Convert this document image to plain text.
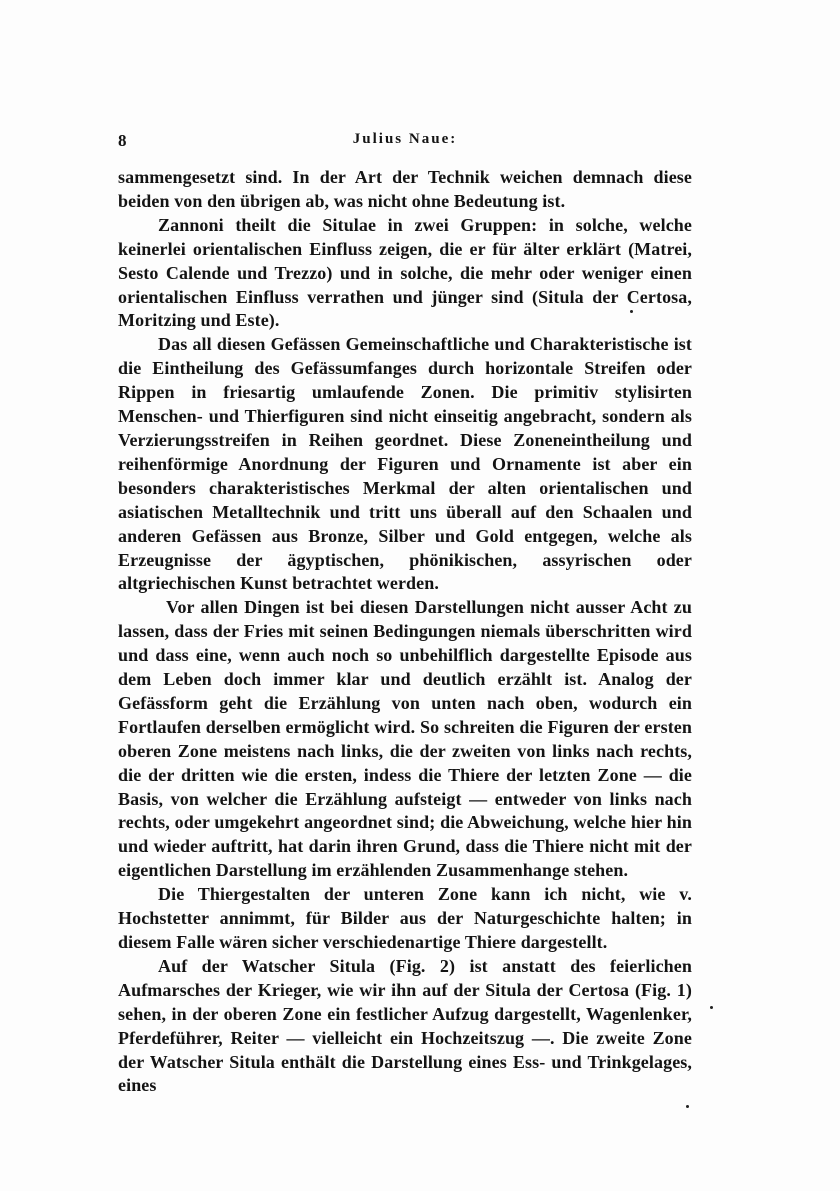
8	Julius Naue:

sammengesetzt sind. In der Art der Technik weichen demnach diese beiden von den übrigen ab, was nicht ohne Bedeutung ist.

Zannoni theilt die Situlae in zwei Gruppen: in solche, welche keinerlei orientalischen Einfluss zeigen, die er für älter erklärt (Matrei, Sesto Calende und Trezzo) und in solche, die mehr oder weniger einen orientalischen Einfluss verrathen und jünger sind (Situla der Certosa, Moritzing und Este).

Das all diesen Gefässen Gemeinschaftliche und Charakteristische ist die Eintheilung des Gefässumfanges durch horizontale Streifen oder Rippen in friesartig umlaufende Zonen. Die primitiv stylisirten Menschen- und Thierfiguren sind nicht einseitig angebracht, sondern als Verzierungsstreifen in Reihen geordnet. Diese Zoneneintheilung und reihenförmige Anordnung der Figuren und Ornamente ist aber ein besonders charakteristisches Merkmal der alten orientalischen und asiatischen Metalltechnik und tritt uns überall auf den Schaalen und anderen Gefässen aus Bronze, Silber und Gold entgegen, welche als Erzeugnisse der ägyptischen, phönikischen, assyrischen oder altgriechischen Kunst betrachtet werden.

Vor allen Dingen ist bei diesen Darstellungen nicht ausser Acht zu lassen, dass der Fries mit seinen Bedingungen niemals überschritten wird und dass eine, wenn auch noch so unbehilflich dargestellte Episode aus dem Leben doch immer klar und deutlich erzählt ist. Analog der Gefässform geht die Erzählung von unten nach oben, wodurch ein Fortlaufen derselben ermöglicht wird. So schreiten die Figuren der ersten oberen Zone meistens nach links, die der zweiten von links nach rechts, die der dritten wie die ersten, indess die Thiere der letzten Zone — die Basis, von welcher die Erzählung aufsteigt — entweder von links nach rechts, oder umgekehrt angeordnet sind; die Abweichung, welche hier hin und wieder auftritt, hat darin ihren Grund, dass die Thiere nicht mit der eigentlichen Darstellung im erzählenden Zusammenhange stehen.

Die Thiergestalten der unteren Zone kann ich nicht, wie v. Hochstetter annimmt, für Bilder aus der Naturgeschichte halten; in diesem Falle wären sicher verschiedenartige Thiere dargestellt.

Auf der Watscher Situla (Fig. 2) ist anstatt des feierlichen Aufmarsches der Krieger, wie wir ihn auf der Situla der Certosa (Fig. 1) sehen, in der oberen Zone ein festlicher Aufzug dargestellt, Wagenlenker, Pferdeführer, Reiter — vielleicht ein Hochzeitszug —. Die zweite Zone der Watscher Situla enthält die Darstellung eines Ess- und Trinkgelages, eines
